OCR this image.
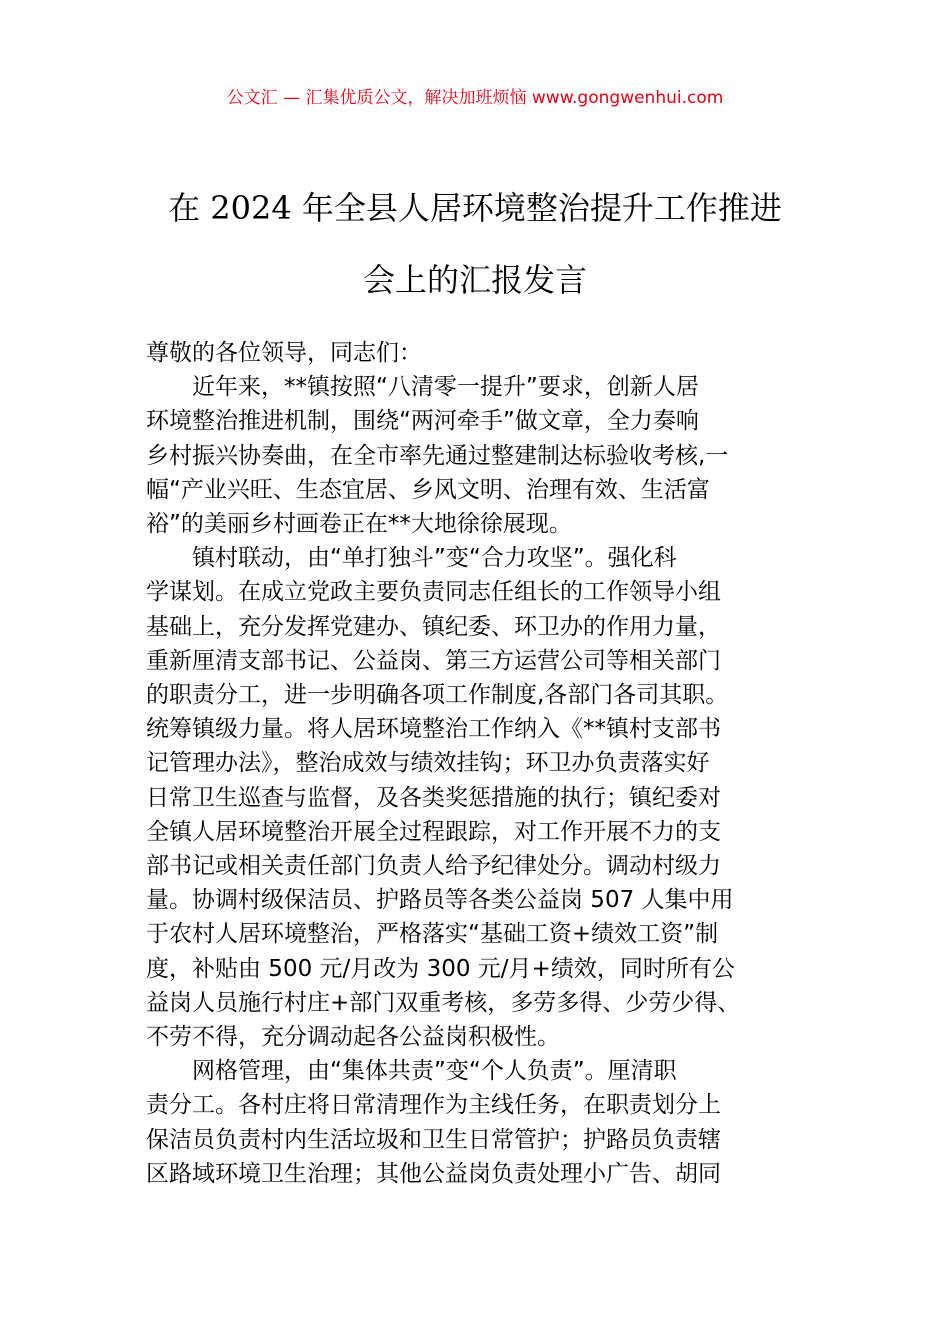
公文汇 — 汇集优质公文，解决加班烦恼 www.gongwenhui.com
在 2024 年全县人居环境整治提升工作推进
会上的汇报发言

尊敬的各位领导，同志们：

近年来，**镇按照“八清零一提升”要求，创新人居

环境整治推进机制，围绕“两河牵手”做文章，全力奏响

乡村振兴协奏曲，在全市率先通过整建制达标验收考核,一

幅“产业兴旺、生态宜居、乡风文明、治理有效、生活富

裕”的美丽乡村画卷正在**大地徐徐展现。

镇村联动，由“单打独斗”变“合力攻坚”。强化科

学谋划。在成立党政主要负责同志任组长的工作领导小组

基础上，充分发挥党建办、镇纪委、环卫办的作用力量，

重新厘清支部书记、公益岗、第三方运营公司等相关部门

的职责分工，进一步明确各项工作制度,各部门各司其职。

统筹镇级力量。将人居环境整治工作纳入《**镇村支部书

记管理办法》，整治成效与绩效挂钩；环卫办负责落实好

日常卫生巡查与监督，及各类奖惩措施的执行；镇纪委对

全镇人居环境整治开展全过程跟踪，对工作开展不力的支

部书记或相关责任部门负责人给予纪律处分。调动村级力

量。协调村级保洁员、护路员等各类公益岗 507 人集中用

于农村人居环境整治，严格落实“基础工资+绩效工资”制

度，补贴由 500 元/月改为 300 元/月+绩效，同时所有公

益岗人员施行村庄+部门双重考核，多劳多得、少劳少得、

不劳不得，充分调动起各公益岗积极性。

网格管理，由“集体共责”变“个人负责”。厘清职

责分工。各村庄将日常清理作为主线任务，在职责划分上

保洁员负责村内生活垃圾和卫生日常管护；护路员负责辖

区路域环境卫生治理；其他公益岗负责处理小广告、胡同
